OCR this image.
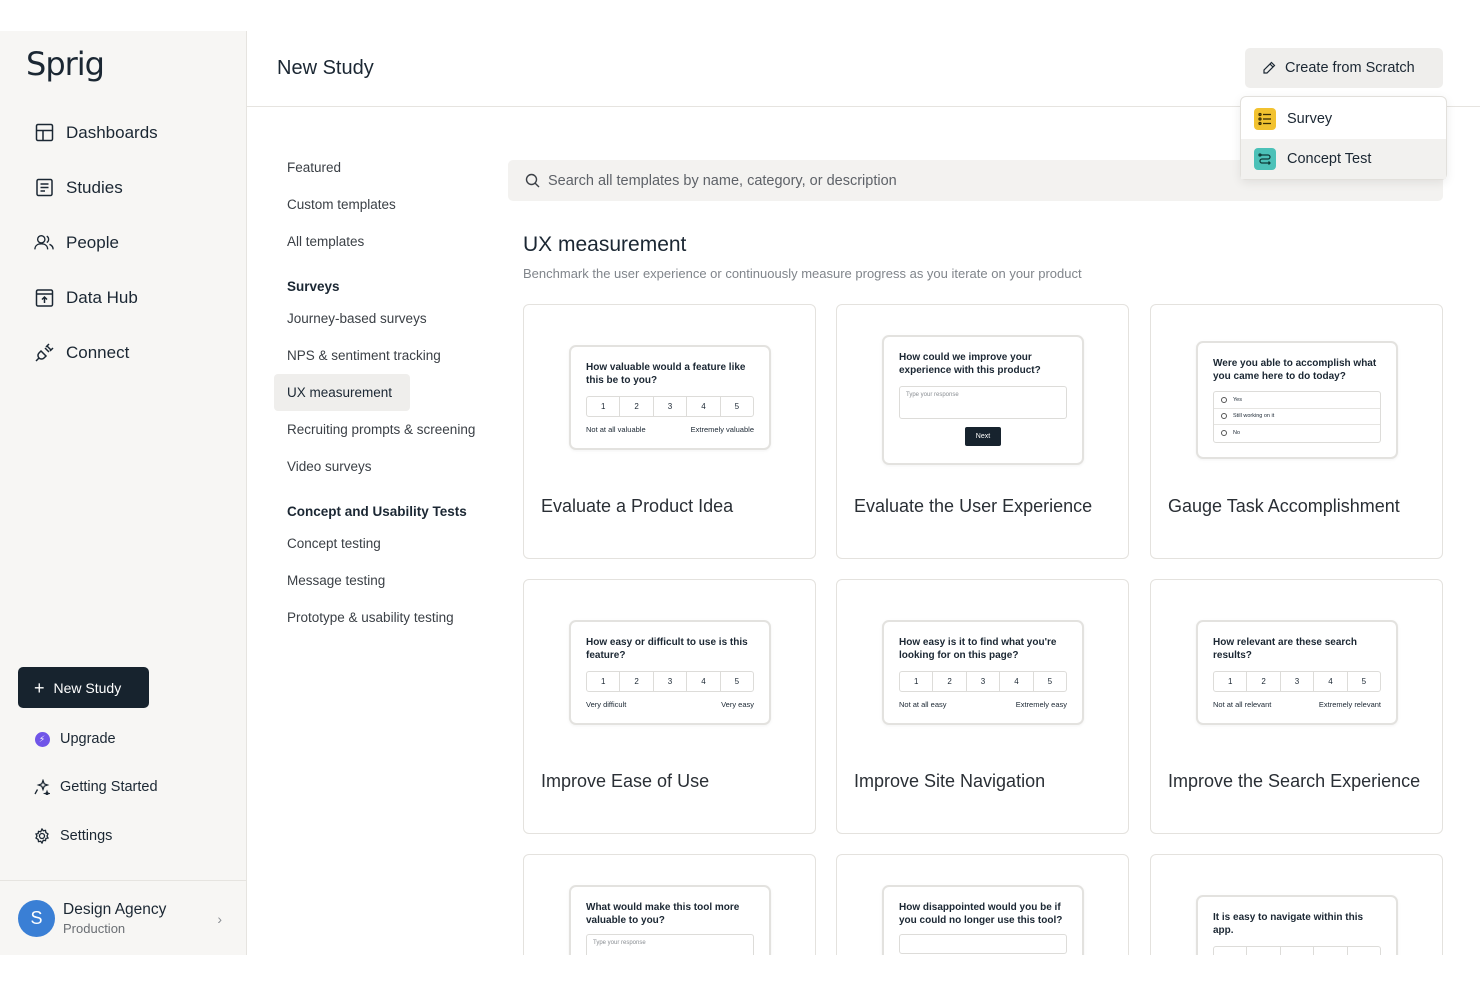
Sprig
Dashboards
Studies
People
Data Hub
Connect
+ New Study
⚡ Upgrade
Getting Started
Settings
S	Design Agency
Production
›
New Study	Create from Scratch
Survey
Concept Test
Featured
Custom templates
All templates
Surveys
Journey-based surveys
NPS & sentiment tracking
UX measurement
Recruiting prompts & screening
Video surveys
Concept and Usability Tests
Concept testing
Message testing
Prototype & usability testing
Search all templates by name, category, or description
UX measurement
Benchmark the user experience or continuously measure progress as you iterate on your product
How valuable would a feature like this be to you?
1	2	3	4	5
Not at all valuable	Extremely valuable
Evaluate a Product Idea
How could we improve your experience with this product?
Type your response
Next
Evaluate the User Experience
Were you able to accomplish what you came here to do today?
Yes
Still working on it
No
Gauge Task Accomplishment
How easy or difficult to use is this feature?
1	2	3	4	5
Very difficult	Very easy
Improve Ease of Use
How easy is it to find what you're looking for on this page?
1	2	3	4	5
Not at all easy	Extremely easy
Improve Site Navigation
How relevant are these search results?
1	2	3	4	5
Not at all relevant	Extremely relevant
Improve the Search Experience
What would make this tool more valuable to you?
Type your response
How disappointed would you be if you could no longer use this tool?	It is easy to navigate within this app.
